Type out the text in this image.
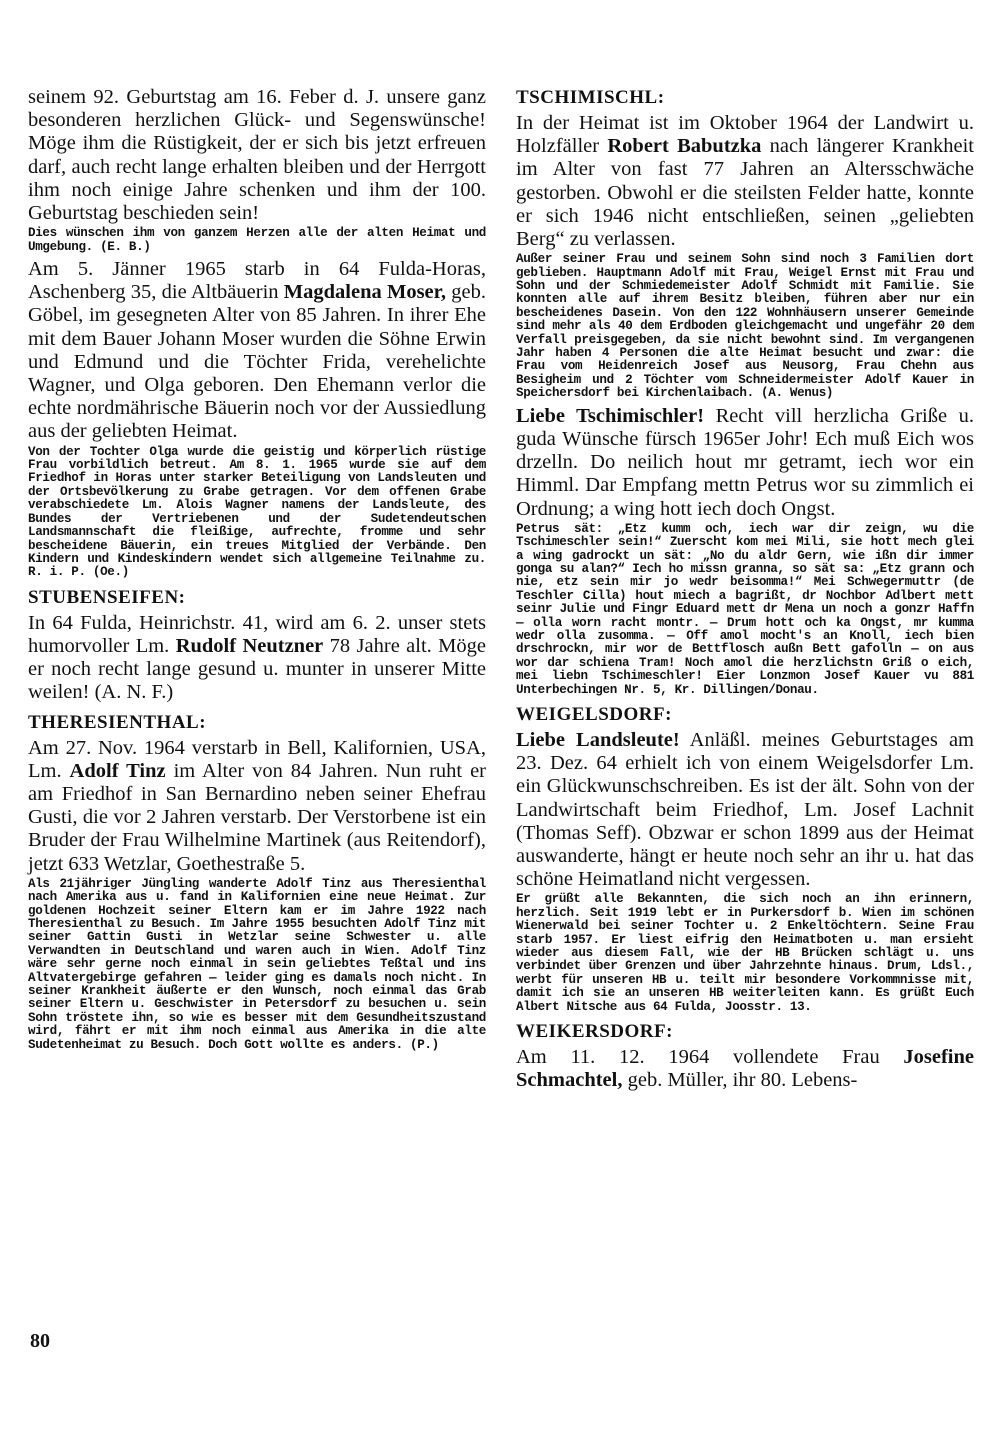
seinem 92. Geburtstag am 16. Feber d. J. unsere ganz besonderen herzlichen Glück- und Segenswünsche! Möge ihm die Rüstigkeit, der er sich bis jetzt erfreuen darf, auch recht lange erhalten bleiben und der Herrgott ihm noch einige Jahre schenken und ihm der 100. Geburtstag beschieden sein!

Dies wünschen ihm von ganzem Herzen alle der alten Heimat und Umgebung. (E. B.)

Am 5. Jänner 1965 starb in 64 Fulda-Horas, Aschenberg 35, die Altbäuerin Magdalena Moser, geb. Göbel, im gesegneten Alter von 85 Jahren. In ihrer Ehe mit dem Bauer Johann Moser wurden die Söhne Erwin und Edmund und die Töchter Frida, verehelichte Wagner, und Olga geboren. Den Ehemann verlor die echte nordmährische Bäuerin noch vor der Aussiedlung aus der geliebten Heimat.

Von der Tochter Olga wurde die geistig und körperlich rüstige Frau vorbildlich betreut. Am 8. 1. 1965 wurde sie auf dem Friedhof in Horas unter starker Beteiligung von Landsleuten und der Ortsbevölkerung zu Grabe getragen. Vor dem offenen Grabe verabschiedete Lm. Alois Wagner namens der Landsleute, des Bundes der Vertriebenen und der Sudetendeutschen Landsmannschaft die fleißige, aufrechte, fromme und sehr bescheidene Bäuerin, ein treues Mitglied der Verbände. Den Kindern und Kindeskindern wendet sich allgemeine Teilnahme zu. R. i. P. (Oe.)

STUBENSEIFEN:

In 64 Fulda, Heinrichstr. 41, wird am 6. 2. unser stets humorvoller Lm. Rudolf Neutzner 78 Jahre alt. Möge er noch recht lange gesund u. munter in unserer Mitte weilen! (A. N. F.)

THERESIENTHAL:

Am 27. Nov. 1964 verstarb in Bell, Kalifornien, USA, Lm. Adolf Tinz im Alter von 84 Jahren. Nun ruht er am Friedhof in San Bernardino neben seiner Ehefrau Gusti, die vor 2 Jahren verstarb. Der Verstorbene ist ein Bruder der Frau Wilhelmine Martinek (aus Reitendorf), jetzt 633 Wetzlar, Goethestraße 5.

Als 21jähriger Jüngling wanderte Adolf Tinz aus Theresienthal nach Amerika aus u. fand in Kalifornien eine neue Heimat. Zur goldenen Hochzeit seiner Eltern kam er im Jahre 1922 nach Theresienthal zu Besuch. Im Jahre 1955 besuchten Adolf Tinz mit seiner Gattin Gusti in Wetzlar seine Schwester u. alle Verwandten in Deutschland und waren auch in Wien. Adolf Tinz wäre sehr gerne noch einmal in sein geliebtes Teßtal und ins Altvatergebirge gefahren — leider ging es damals noch nicht. In seiner Krankheit äußerte er den Wunsch, noch einmal das Grab seiner Eltern u. Geschwister in Petersdorf zu besuchen u. sein Sohn tröstete ihn, so wie es besser mit dem Gesundheitszustand wird, fährt er mit ihm noch einmal aus Amerika in die alte Sudetenheimat zu Besuch. Doch Gott wollte es anders. (P.)

TSCHIMISCHL:

In der Heimat ist im Oktober 1964 der Landwirt u. Holzfäller Robert Babutzka nach längerer Krankheit im Alter von fast 77 Jahren an Altersschwäche gestorben. Obwohl er die steilsten Felder hatte, konnte er sich 1946 nicht entschließen, seinen „geliebten Berg“ zu verlassen.

Außer seiner Frau und seinem Sohn sind noch 3 Familien dort geblieben. Hauptmann Adolf mit Frau, Weigel Ernst mit Frau und Sohn und der Schmiedemeister Adolf Schmidt mit Familie. Sie konnten alle auf ihrem Besitz bleiben, führen aber nur ein bescheidenes Dasein. Von den 122 Wohnhäusern unserer Gemeinde sind mehr als 40 dem Erdboden gleichgemacht und ungefähr 20 dem Verfall preisgegeben, da sie nicht bewohnt sind. Im vergangenen Jahr haben 4 Personen die alte Heimat besucht und zwar: die Frau vom Heidenreich Josef aus Neusorg, Frau Chehn aus Besigheim und 2 Töchter vom Schneidermeister Adolf Kauer in Speichersdorf bei Kirchenlaibach. (A. Wenus)

Liebe Tschimischler! Recht vill herzlicha Griße u. guda Wünsche fürsch 1965er Johr! Ech muß Eich wos drzelln. Do neilich hout mr getramt, iech wor ein Himml. Dar Empfang mettn Petrus wor su zimmlich ei Ordnung; a wing hott iech doch Ongst.

Petrus sät: „Etz kumm och, iech war dir zeign, wu die Tschimeschler sein!“ Zuerscht kom mei Mili, sie hott mech glei a wing gadrockt un sät: „No du aldr Gern, wie ißn dir immer gonga su alan?“ Iech ho missn granna, so sät sa: „Etz grann och nie, etz sein mir jo wedr beisomma!“ Mei Schwegermuttr (de Teschler Cilla) hout miech a bagrißt, dr Nochbor Adlbert mett seinr Julie und Fingr Eduard mett dr Mena un noch a gonzr Haffn — olla worn racht montr. — Drum hott och ka Ongst, mr kumma wedr olla zusomma. — Off amol mocht's an Knoll, iech bien drschrockn, mir wor de Bettflosch außn Bett gafolln — on aus wor dar schiena Tram! Noch amol die herzlichstn Griß o eich, mei liebn Tschimeschler! Eier Lonzmon Josef Kauer vu 881 Unterbechingen Nr. 5, Kr. Dillingen/Donau.

WEIGELSDORF:

Liebe Landsleute! Anläßl. meines Geburtstages am 23. Dez. 64 erhielt ich von einem Weigelsdorfer Lm. ein Glückwunschschreiben. Es ist der ält. Sohn von der Landwirtschaft beim Friedhof, Lm. Josef Lachnit (Thomas Seff). Obzwar er schon 1899 aus der Heimat auswanderte, hängt er heute noch sehr an ihr u. hat das schöne Heimatland nicht vergessen.

Er grüßt alle Bekannten, die sich noch an ihn erinnern, herzlich. Seit 1919 lebt er in Purkersdorf b. Wien im schönen Wienerwald bei seiner Tochter u. 2 Enkeltöchtern. Seine Frau starb 1957. Er liest eifrig den Heimatboten u. man ersieht wieder aus diesem Fall, wie der HB Brücken schlägt u. uns verbindet über Grenzen und über Jahrzehnte hinaus. Drum, Ldsl., werbt für unseren HB u. teilt mir besondere Vorkommnisse mit, damit ich sie an unseren HB weiterleiten kann. Es grüßt Euch Albert Nitsche aus 64 Fulda, Joosstr. 13.

WEIKERSDORF:

Am 11. 12. 1964 vollendete Frau Josefine Schmachtel, geb. Müller, ihr 80. Lebens-

80
